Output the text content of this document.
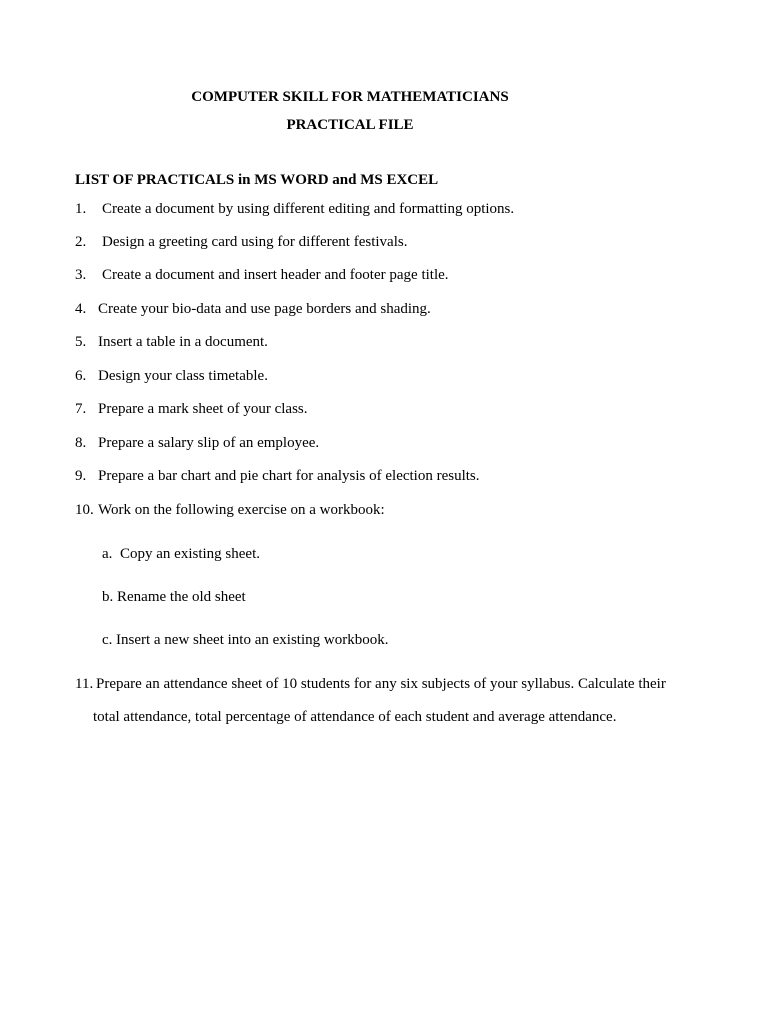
COMPUTER SKILL FOR MATHEMATICIANS
PRACTICAL FILE
LIST OF PRACTICALS in MS WORD and MS EXCEL
1. Create a document by using different editing and formatting options.
2. Design a greeting card using for different festivals.
3. Create a document and insert header and footer page title.
4. Create your bio-data and use page borders and shading.
5. Insert a table in a document.
6. Design your class timetable.
7. Prepare a mark sheet of your class.
8. Prepare a salary slip of an employee.
9. Prepare a bar chart and pie chart for analysis of election results.
10. Work on the following exercise on a workbook:
a. Copy an existing sheet.
b. Rename the old sheet
c. Insert a new sheet into an existing workbook.
11. Prepare an attendance sheet of 10 students for any six subjects of your syllabus. Calculate their
total attendance, total percentage of attendance of each student and average attendance.
